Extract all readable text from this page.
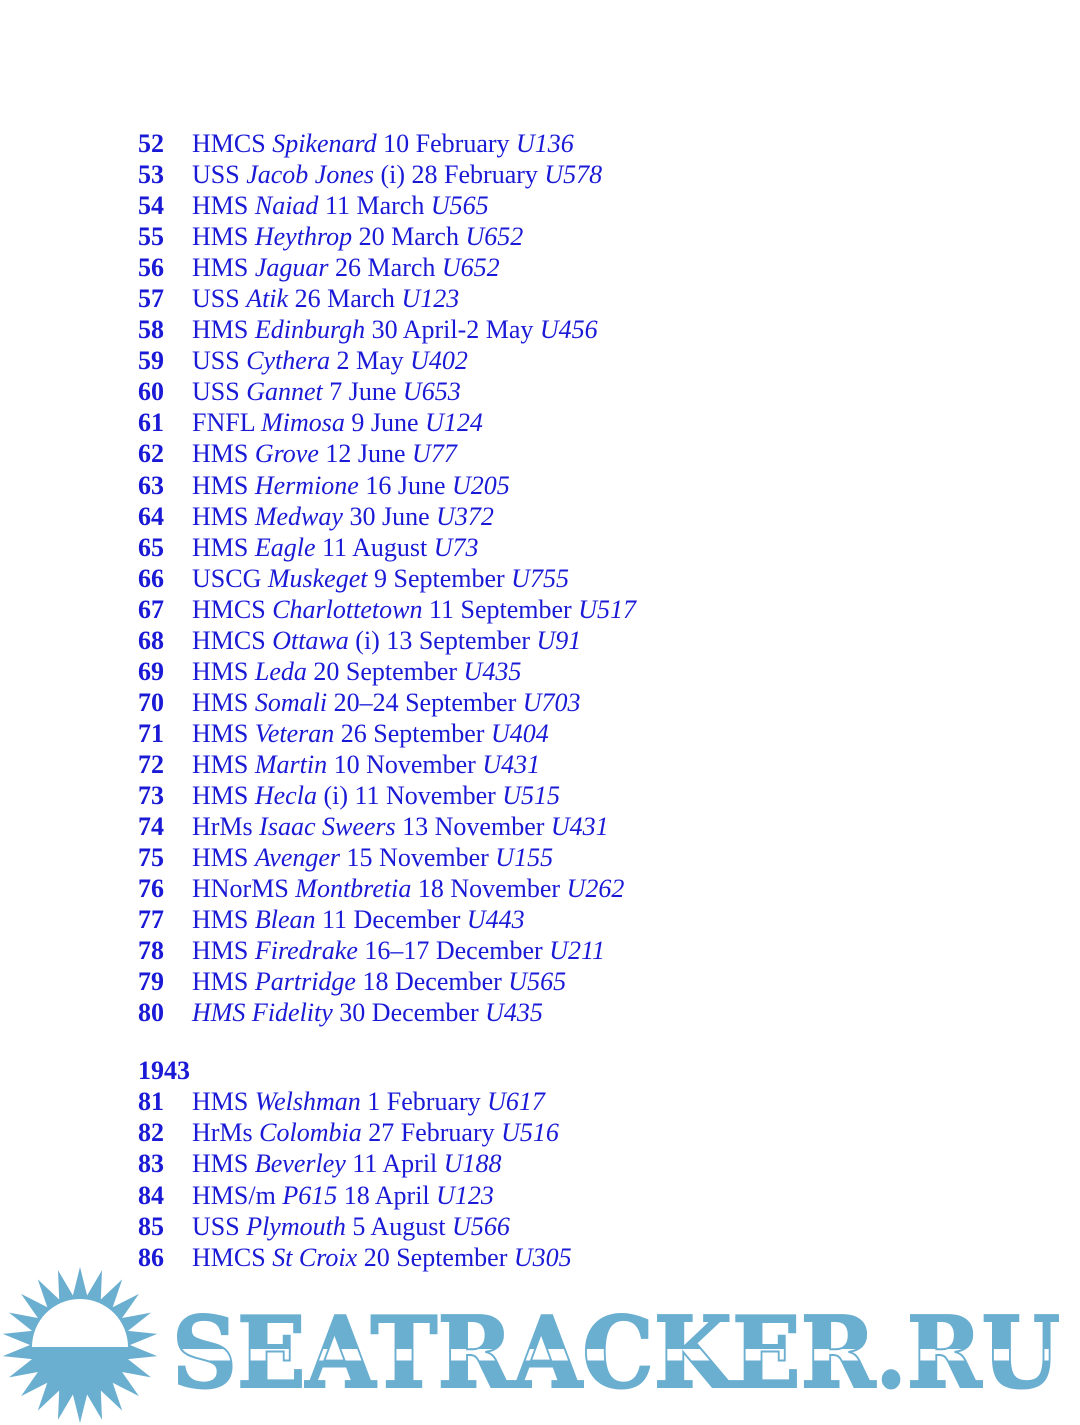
52	HMCS Spikenard 10 February U136
53	USS Jacob Jones (i) 28 February U578
54	HMS Naiad 11 March U565
55	HMS Heythrop 20 March U652
56	HMS Jaguar 26 March U652
57	USS Atik 26 March U123
58	HMS Edinburgh 30 April-2 May U456
59	USS Cythera 2 May U402
60	USS Gannet 7 June U653
61	FNFL Mimosa 9 June U124
62	HMS Grove 12 June U77
63	HMS Hermione 16 June U205
64	HMS Medway 30 June U372
65	HMS Eagle 11 August U73
66	USCG Muskeget 9 September U755
67	HMCS Charlottetown 11 September U517
68	HMCS Ottawa (i) 13 September U91
69	HMS Leda 20 September U435
70	HMS Somali 20–24 September U703
71	HMS Veteran 26 September U404
72	HMS Martin 10 November U431
73	HMS Hecla (i) 11 November U515
74	HrMs Isaac Sweers 13 November U431
75	HMS Avenger 15 November U155
76	HNorMS Montbretia 18 November U262
77	HMS Blean 11 December U443
78	HMS Firedrake 16–17 December U211
79	HMS Partridge 18 December U565
80	HMS Fidelity 30 December U435
1943
81	HMS Welshman 1 February U617
82	HrMs Colombia 27 February U516
83	HMS Beverley 11 April U188
84	HMS/m P615 18 April U123
85	USS Plymouth 5 August U566
86	HMCS St Croix 20 September U305
SEATRACKER.RU
